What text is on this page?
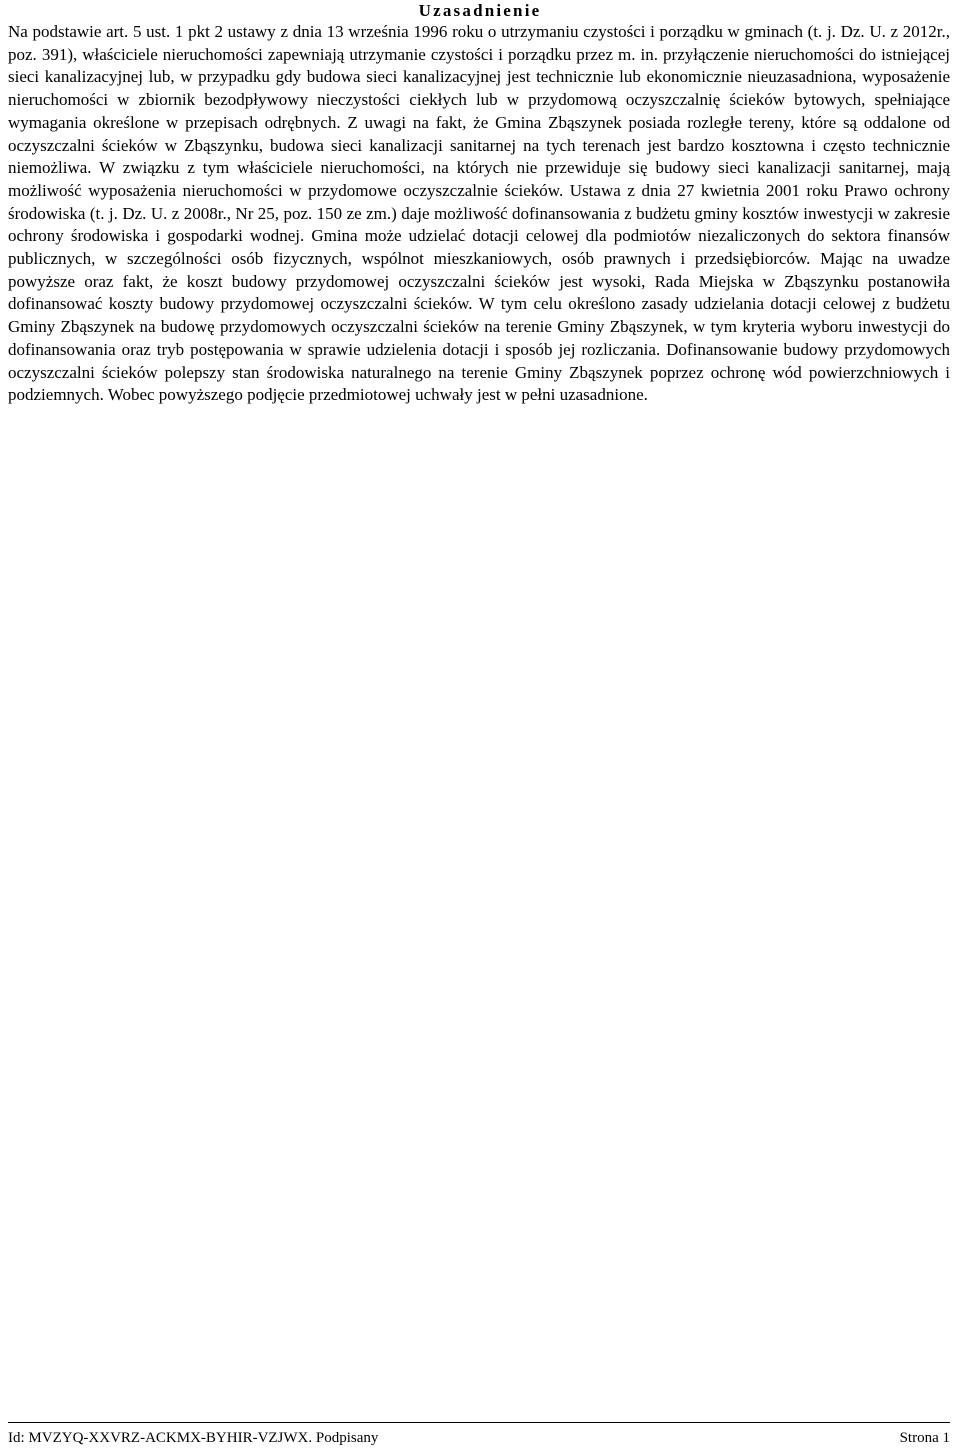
Uzasadnienie

Na podstawie art. 5 ust. 1 pkt 2 ustawy z dnia 13 września 1996 roku o utrzymaniu czystości i porządku w gminach (t. j. Dz. U. z 2012r., poz. 391), właściciele nieruchomości zapewniają utrzymanie czystości i porządku przez m. in. przyłączenie nieruchomości do istniejącej sieci kanalizacyjnej lub, w przypadku gdy budowa sieci kanalizacyjnej jest technicznie lub ekonomicznie nieuzasadniona, wyposażenie nieruchomości w zbiornik bezodpływowy nieczystości ciekłych lub w przydomową oczyszczalnię ścieków bytowych, spełniające wymagania określone w przepisach odrębnych. Z uwagi na fakt, że Gmina Zbąszynek posiada rozległe tereny, które są oddalone od oczyszczalni ścieków w Zbąszynku, budowa sieci kanalizacji sanitarnej na tych terenach jest bardzo kosztowna i często technicznie niemożliwa. W związku z tym właściciele nieruchomości, na których nie przewiduje się budowy sieci kanalizacji sanitarnej, mają możliwość wyposażenia nieruchomości w przydomowe oczyszczalnie ścieków. Ustawa z dnia 27 kwietnia 2001 roku Prawo ochrony środowiska (t. j. Dz. U. z 2008r., Nr 25, poz. 150 ze zm.) daje możliwość dofinansowania z budżetu gminy kosztów inwestycji w zakresie ochrony środowiska i gospodarki wodnej. Gmina może udzielać dotacji celowej dla podmiotów niezaliczonych do sektora finansów publicznych, w szczególności osób fizycznych, wspólnot mieszkaniowych, osób prawnych i przedsiębiorców. Mając na uwadze powyższe oraz fakt, że koszt budowy przydomowej oczyszczalni ścieków jest wysoki, Rada Miejska w Zbąszynku postanowiła dofinansować koszty budowy przydomowej oczyszczalni ścieków. W tym celu określono zasady udzielania dotacji celowej z budżetu Gminy Zbąszynek na budowę przydomowych oczyszczalni ścieków na terenie Gminy Zbąszynek, w tym kryteria wyboru inwestycji do dofinansowania oraz tryb postępowania w sprawie udzielenia dotacji i sposób jej rozliczania. Dofinansowanie budowy przydomowych oczyszczalni ścieków polepszy stan środowiska naturalnego na terenie Gminy Zbąszynek poprzez ochronę wód powierzchniowych i podziemnych. Wobec powyższego podjęcie przedmiotowej uchwały jest w pełni uzasadnione.

Id: MVZYQ-XXVRZ-ACKMX-BYHIR-VZJWX. Podpisany	Strona 1
